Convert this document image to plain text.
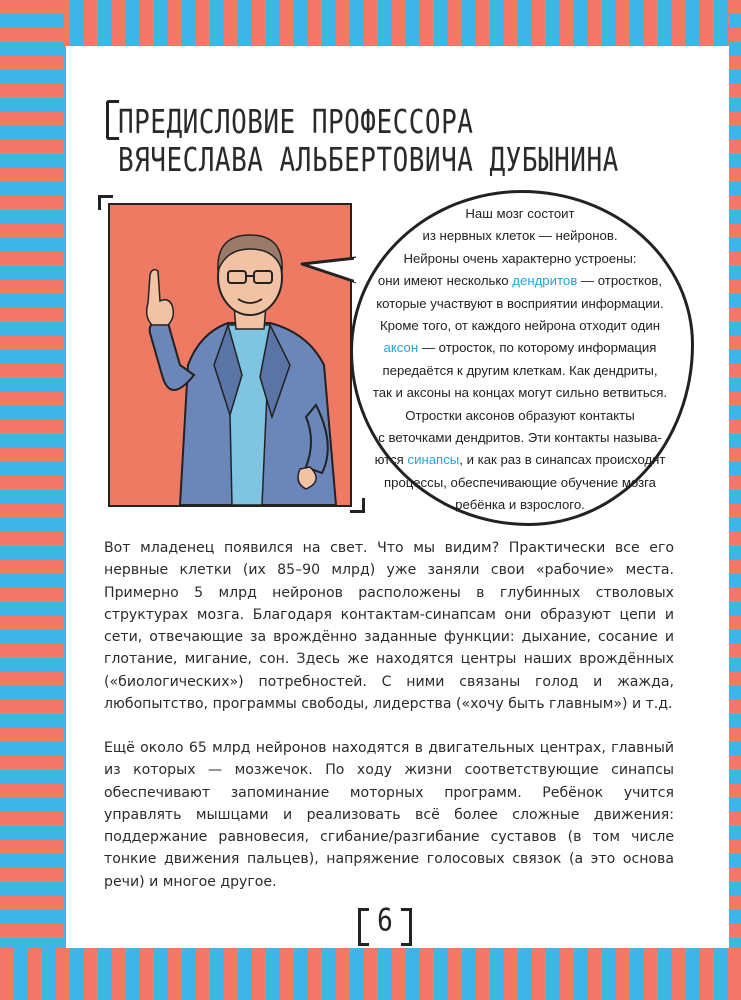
ПРЕДИСЛОВИЕ ПРОФЕССОРА
ВЯЧЕСЛАВА АЛЬБЕРТОВИЧА ДУБЫНИНА
Наш мозг состоит
из нервных клеток — нейронов.
Нейроны очень характерно устроены:
они имеют несколько дендритов — отростков,
которые участвуют в восприятии информации.
Кроме того, от каждого нейрона отходит один
аксон — отросток, по которому информация
передаётся к другим клеткам. Как дендриты,
так и аксоны на концах могут сильно ветвиться.
Отростки аксонов образуют контакты
с веточками дендритов. Эти контакты называ-
ются синапсы, и как раз в синапсах происходят
процессы, обеспечивающие обучение мозга
ребёнка и взрослого.

Вот младенец появился на свет. Что мы видим? Практически все его нервные клетки (их 85–90 млрд) уже заняли свои «рабочие» места. Примерно 5 млрд нейронов расположены в глубинных стволовых структурах мозга. Благодаря контактам-синапсам они образуют цепи и сети, отвечающие за врождённо заданные функции: дыхание, сосание и глотание, мигание, сон. Здесь же находятся центры наших врождённых («биологических») потребностей. С ними связаны голод и жажда, любопытство, программы свободы, лидерства («хочу быть главным») и т.д.

Ещё около 65 млрд нейронов находятся в двигательных центрах, главный из которых — мозжечок. По ходу жизни соответствующие синапсы обеспечивают запоминание моторных программ. Ребёнок учится управлять мышцами и реализовать всё более сложные движения: поддержание равновесия, сгибание/разгибание суставов (в том числе тонкие движения пальцев), напряжение голосовых связок (а это основа речи) и многое другое.

6
